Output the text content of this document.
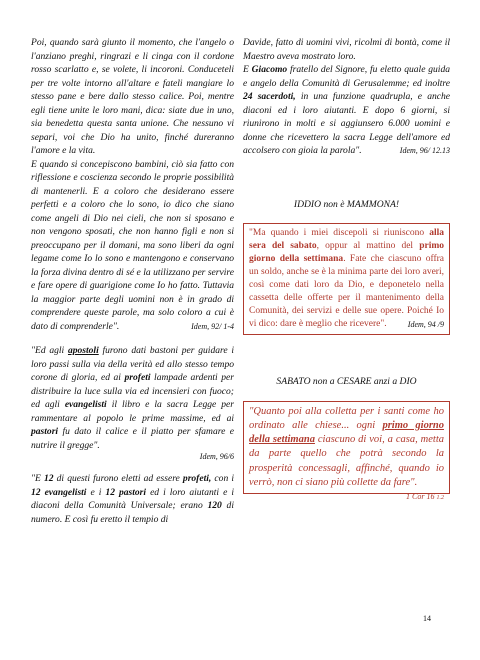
Poi, quando sarà giunto il momento, che l'angelo o l'anziano preghi, ringrazi e li cinga con il cordone rosso scarlatto e, se volete, li incoroni. Conduceteli per tre volte intorno all'altare e fateli mangiare lo stesso pane e bere dallo stesso calice. Poi, mentre egli tiene unite le loro mani, dica: siate due in uno, sia benedetta questa santa unione. Che nessuno vi separi, voi che Dio ha unito, finché dureranno l'amore e la vita.

E quando si concepiscono bambini, ciò sia fatto con riflessione e coscienza secondo le proprie possibilità di mantenerli. E a coloro che desiderano essere perfetti e a coloro che lo sono, io dico che siano come angeli di Dio nei cieli, che non si sposano e non vengono sposati, che non hanno figli e non si preoccupano per il domani, ma sono liberi da ogni legame come Io lo sono e mantengono e conservano la forza divina dentro di sé e la utilizzano per servire e fare opere di guarigione come Io ho fatto. Tuttavia la maggior parte degli uomini non è in grado di comprendere queste parole, ma solo coloro a cui è dato di comprenderle".	Idem, 92/ 1-4

"Ed agli apostoli furono dati bastoni per guidare i loro passi sulla via della verità ed allo stesso tempo corone di gloria, ed ai profeti lampade ardenti per distribuire la luce sulla via ed incensieri con fuoco; ed agli evangelisti il libro e la sacra Legge per rammentare al popolo le prime massime, ed ai pastori fu dato il calice e il piatto per sfamare e nutrire il gregge".

Idem, 96/6

"E 12 di questi furono eletti ad essere profeti, con i 12 evangelisti e i 12 pastori ed i loro aiutanti e i diaconi della Comunità Universale; erano 120 di numero. E così fu eretto il tempio di

Davide, fatto di uomini vivi, ricolmi di bontà, come il Maestro aveva mostrato loro.

E Giacomo fratello del Signore, fu eletto quale guida e angelo della Comunità di Gerusalemme; ed inoltre 24 sacerdoti, in una funzione quadrupla, e anche diaconi ed i loro aiutanti. E dopo 6 giorni, si riunirono in molti e si aggiunsero 6.000 uomini e donne che ricevettero la sacra Legge dell'amore ed accolsero con gioia la parola".	Idem, 96/ 12.13

IDDIO non è MAMMONA!

"Ma quando i miei discepoli si riuniscono alla sera del sabato, oppur al mattino del primo giorno della settimana. Fate che ciascuno offra un soldo, anche se è la minima parte dei loro averi, così come dati loro da Dio, e deponetelo nella cassetta delle offerte per il mantenimento della Comunità, dei servizi e delle sue opere. Poiché Io vi dico: dare è meglio che ricevere".	Idem, 94 /9

SABATO non a CESARE anzi a DIO

"Quanto poi alla colletta per i santi come ho ordinato alle chiese... ogni primo giorno della settimana ciascuno di voi, a casa, metta da parte quello che potrà secondo la prosperità concessagli, affinché, quando io verrò, non ci siano più collette da fare".
1 Cor 16 1.2

14
